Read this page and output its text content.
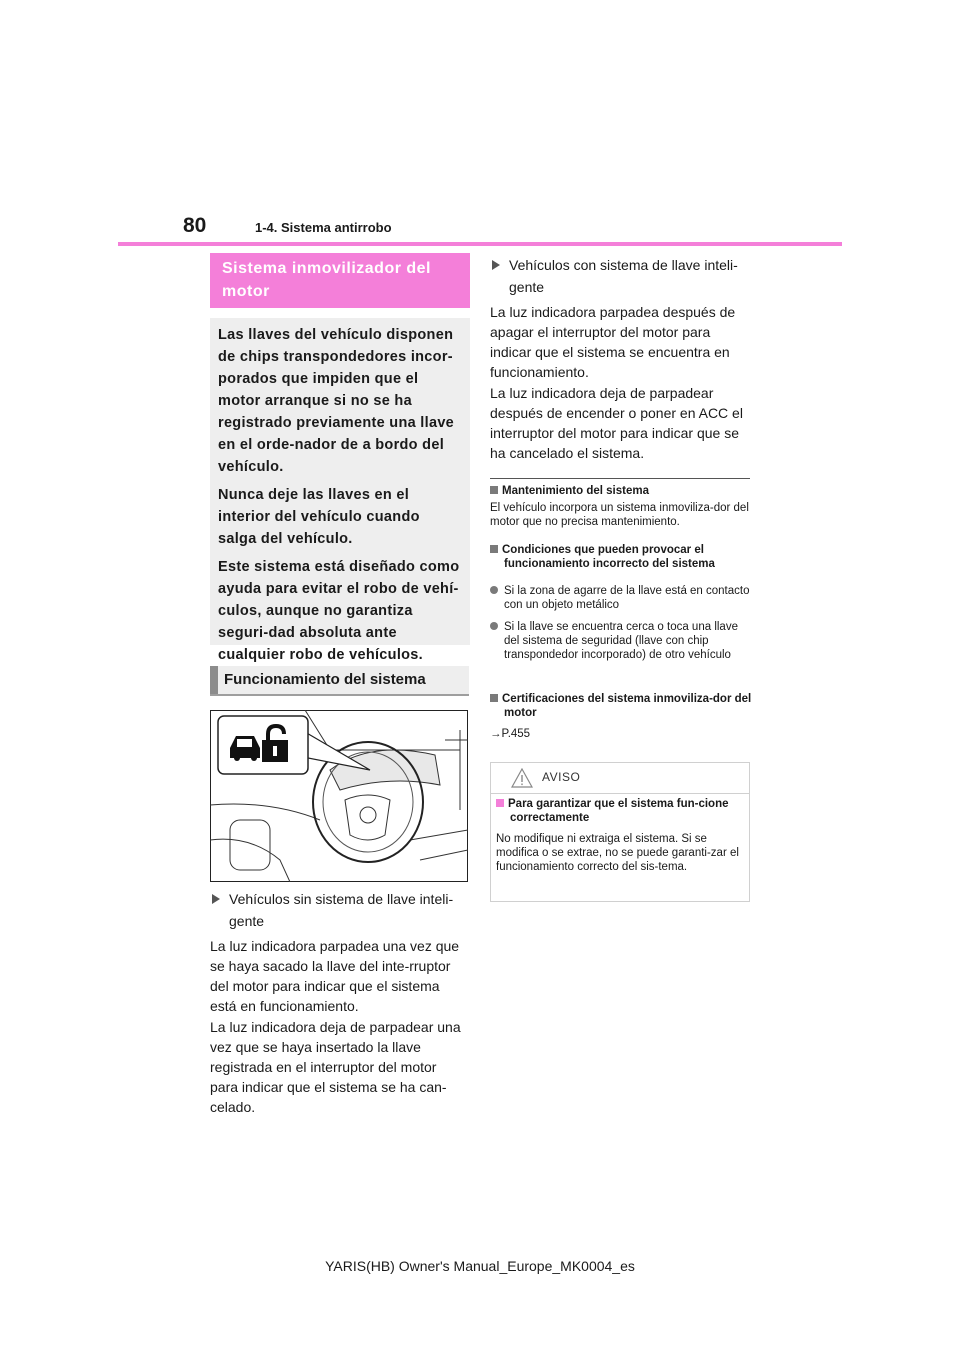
80	1-4. Sistema antirrobo
Sistema inmovilizador del motor

Las llaves del vehículo disponen de chips transpondedores incor-porados que impiden que el motor arranque si no se ha registrado previamente una llave en el orde-nador de a bordo del vehículo.

Nunca deje las llaves en el interior del vehículo cuando salga del vehículo.

Este sistema está diseñado como ayuda para evitar el robo de vehí-culos, aunque no garantiza seguri-dad absoluta ante cualquier robo de vehículos.

Funcionamiento del sistema
Vehículos sin sistema de llave inteli-
gente
La luz indicadora parpadea una vez que se haya sacado la llave del inte-rruptor del motor para indicar que el sistema está en funcionamiento.
La luz indicadora deja de parpadear una vez que se haya insertado la llave registrada en el interruptor del motor para indicar que el sistema se ha can-celado.
Vehículos con sistema de llave inteli-
gente
La luz indicadora parpadea después de apagar el interruptor del motor para indicar que el sistema se encuentra en funcionamiento.
La luz indicadora deja de parpadear después de encender o poner en ACC el interruptor del motor para indicar que se ha cancelado el sistema.
Mantenimiento del sistema
El vehículo incorpora un sistema inmoviliza-dor del motor que no precisa mantenimiento.
Condiciones que pueden provocar el funcionamiento incorrecto del sistema
Si la zona de agarre de la llave está en contacto con un objeto metálico
Si la llave se encuentra cerca o toca una llave del sistema de seguridad (llave con chip transpondedor incorporado) de otro vehículo
Certificaciones del sistema inmoviliza-dor del motor
→P.455
AVISO
Para garantizar que el sistema fun-cione correctamente
No modifique ni extraiga el sistema. Si se modifica o se extrae, no se puede garanti-zar el funcionamiento correcto del sis-tema.
YARIS(HB) Owner's Manual_Europe_MK0004_es
